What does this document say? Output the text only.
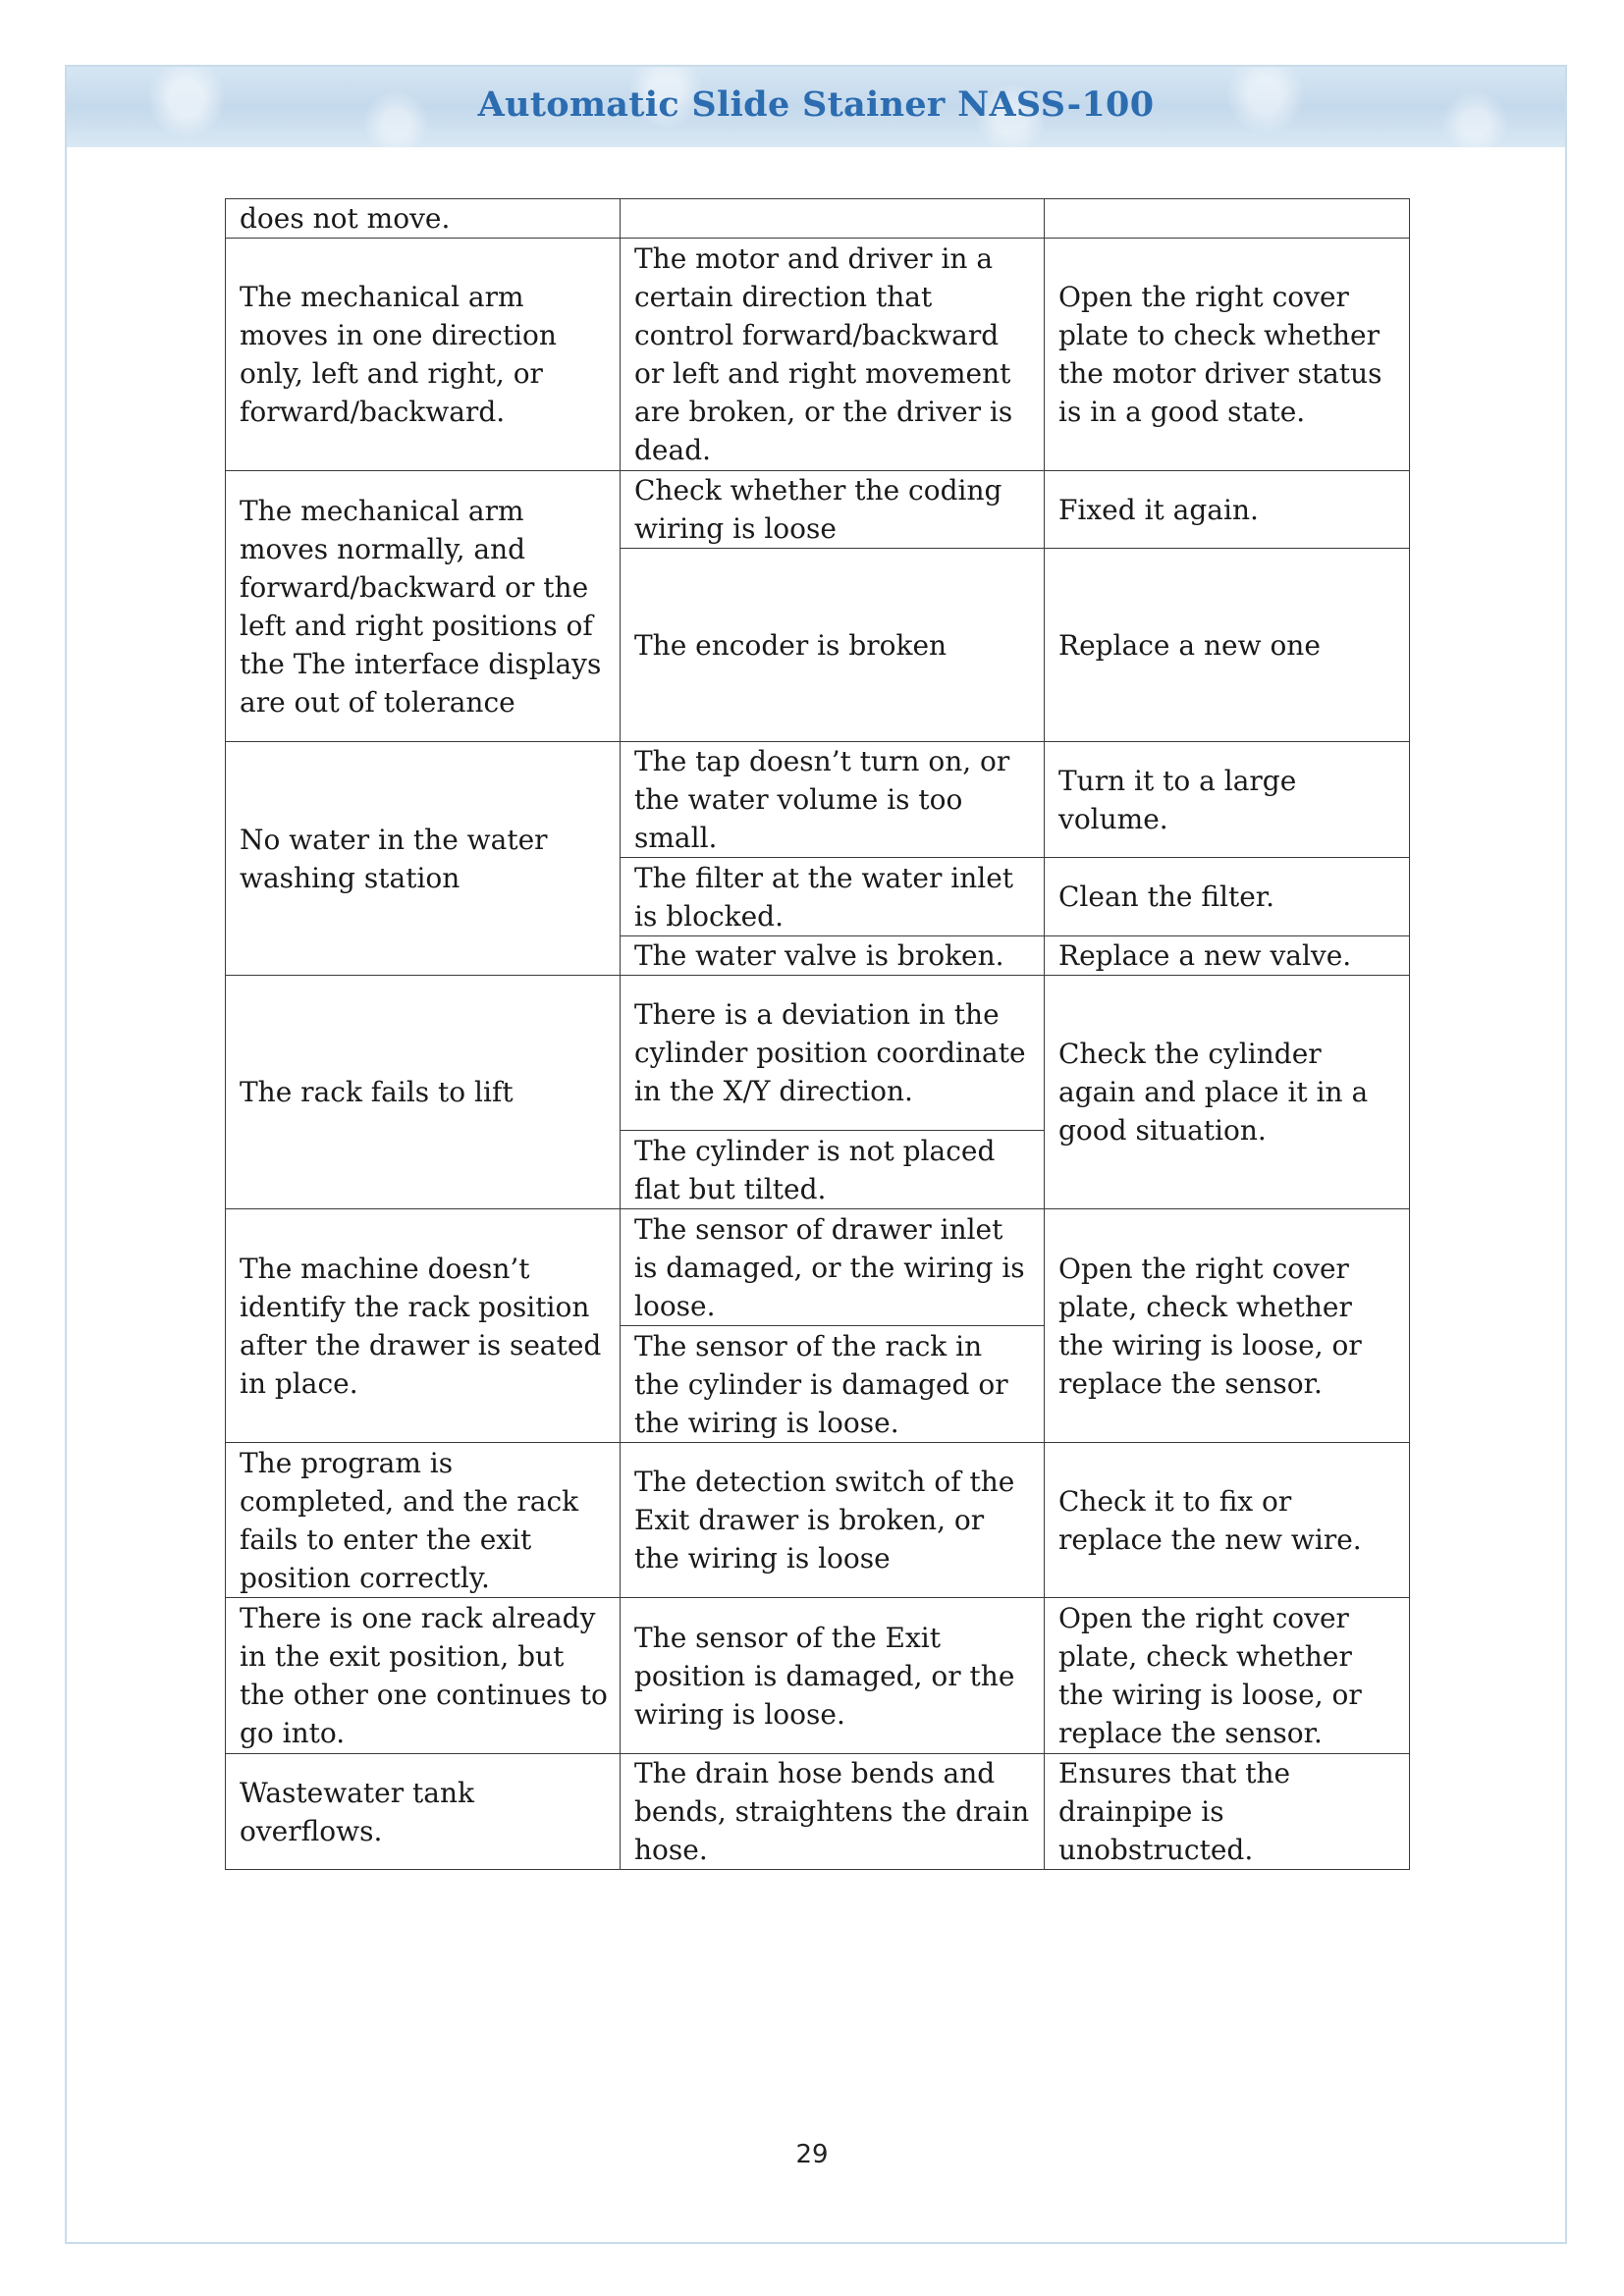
Automatic Slide Stainer NASS-100
does not move.		
The mechanical arm moves in one direction only, left and right, or forward/backward.	The motor and driver in a certain direction that control forward/backward or left and right movement are broken, or the driver is dead.	Open the right cover plate to check whether the motor driver status is in a good state.
The mechanical arm moves normally, and forward/backward or the left and right positions of the The interface displays are out of tolerance	Check whether the coding wiring is loose	Fixed it again.
	The encoder is broken	Replace a new one
No water in the water washing station	The tap doesn’t turn on, or the water volume is too small.	Turn it to a large volume.
	The filter at the water inlet is blocked.	Clean the filter.
	The water valve is broken.	Replace a new valve.
The rack fails to lift	There is a deviation in the cylinder position coordinate in the X/Y direction.	Check the cylinder again and place it in a good situation.
	The cylinder is not placed flat but tilted.	
The machine doesn’t identify the rack position after the drawer is seated in place.	The sensor of drawer inlet is damaged, or the wiring is loose.	Open the right cover plate, check whether the wiring is loose, or replace the sensor.
	The sensor of the rack in the cylinder is damaged or the wiring is loose.	
The program is completed, and the rack fails to enter the exit position correctly.	The detection switch of the Exit drawer is broken, or the wiring is loose	Check it to fix or replace the new wire.
There is one rack already in the exit position, but the other one continues to go into.	The sensor of the Exit position is damaged, or the wiring is loose.	Open the right cover plate, check whether the wiring is loose, or replace the sensor.
Wastewater tank overflows.	The drain hose bends and bends, straightens the drain hose.	Ensures that the drainpipe is unobstructed.
29
